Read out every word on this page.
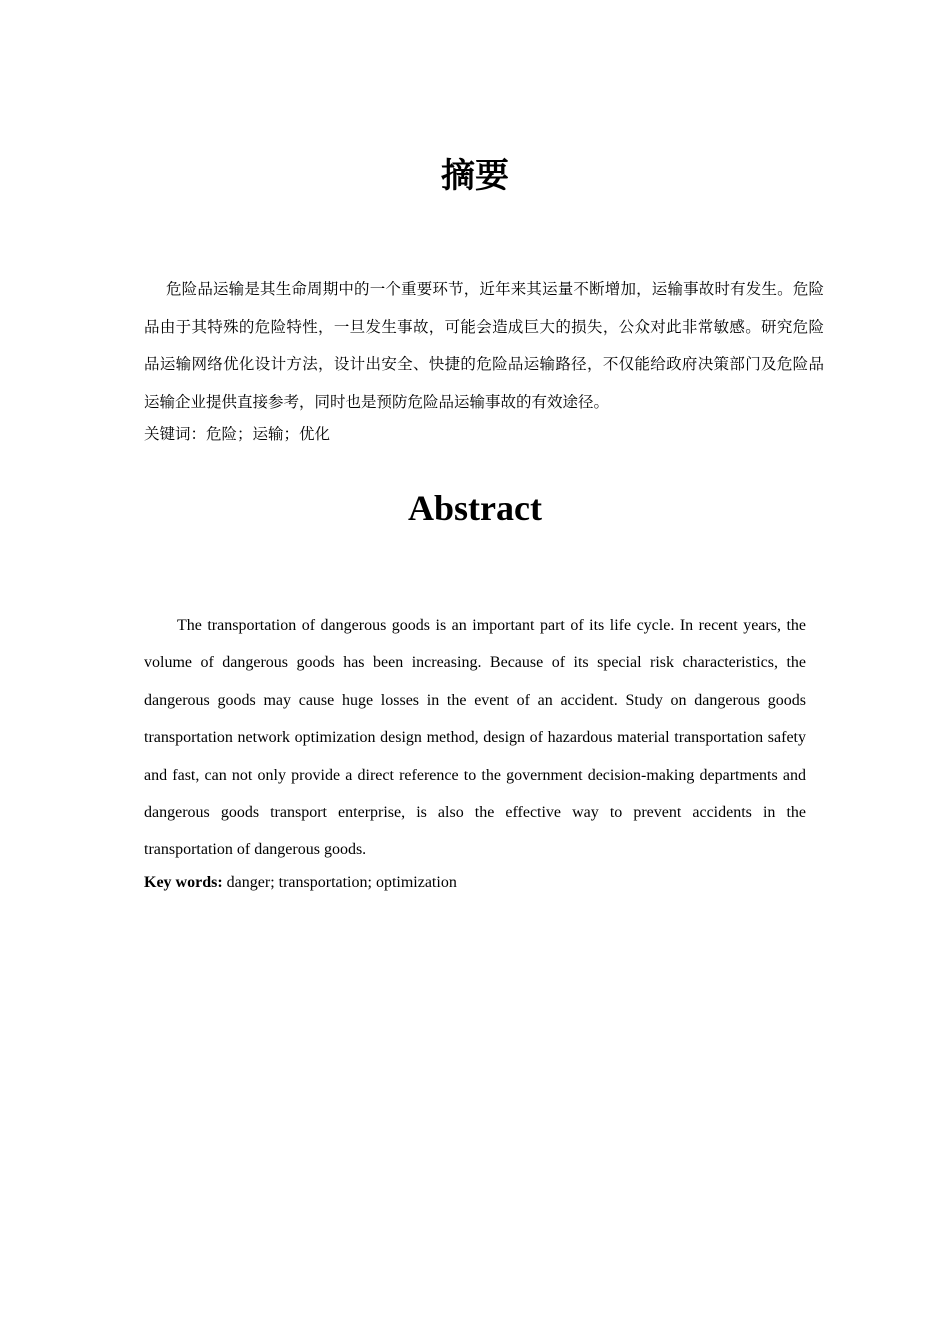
摘要

危险品运输是其生命周期中的一个重要环节，近年来其运量不断增加，运输事故时有发生。危险品由于其特殊的危险特性，一旦发生事故，可能会造成巨大的损失，公众对此非常敏感。研究危险品运输网络优化设计方法，设计出安全、快捷的危险品运输路径，不仅能给政府决策部门及危险品运输企业提供直接参考，同时也是预防危险品运输事故的有效途径。

关键词：危险；运输；优化

Abstract

The transportation of dangerous goods is an important part of its life cycle. In recent years, the volume of dangerous goods has been increasing. Because of its special risk characteristics, the dangerous goods may cause huge losses in the event of an accident. Study on dangerous goods transportation network optimization design method, design of hazardous material transportation safety and fast, can not only provide a direct reference to the government decision-making departments and dangerous goods transport enterprise, is also the effective way to prevent accidents in the transportation of dangerous goods.

Key words: danger; transportation; optimization
